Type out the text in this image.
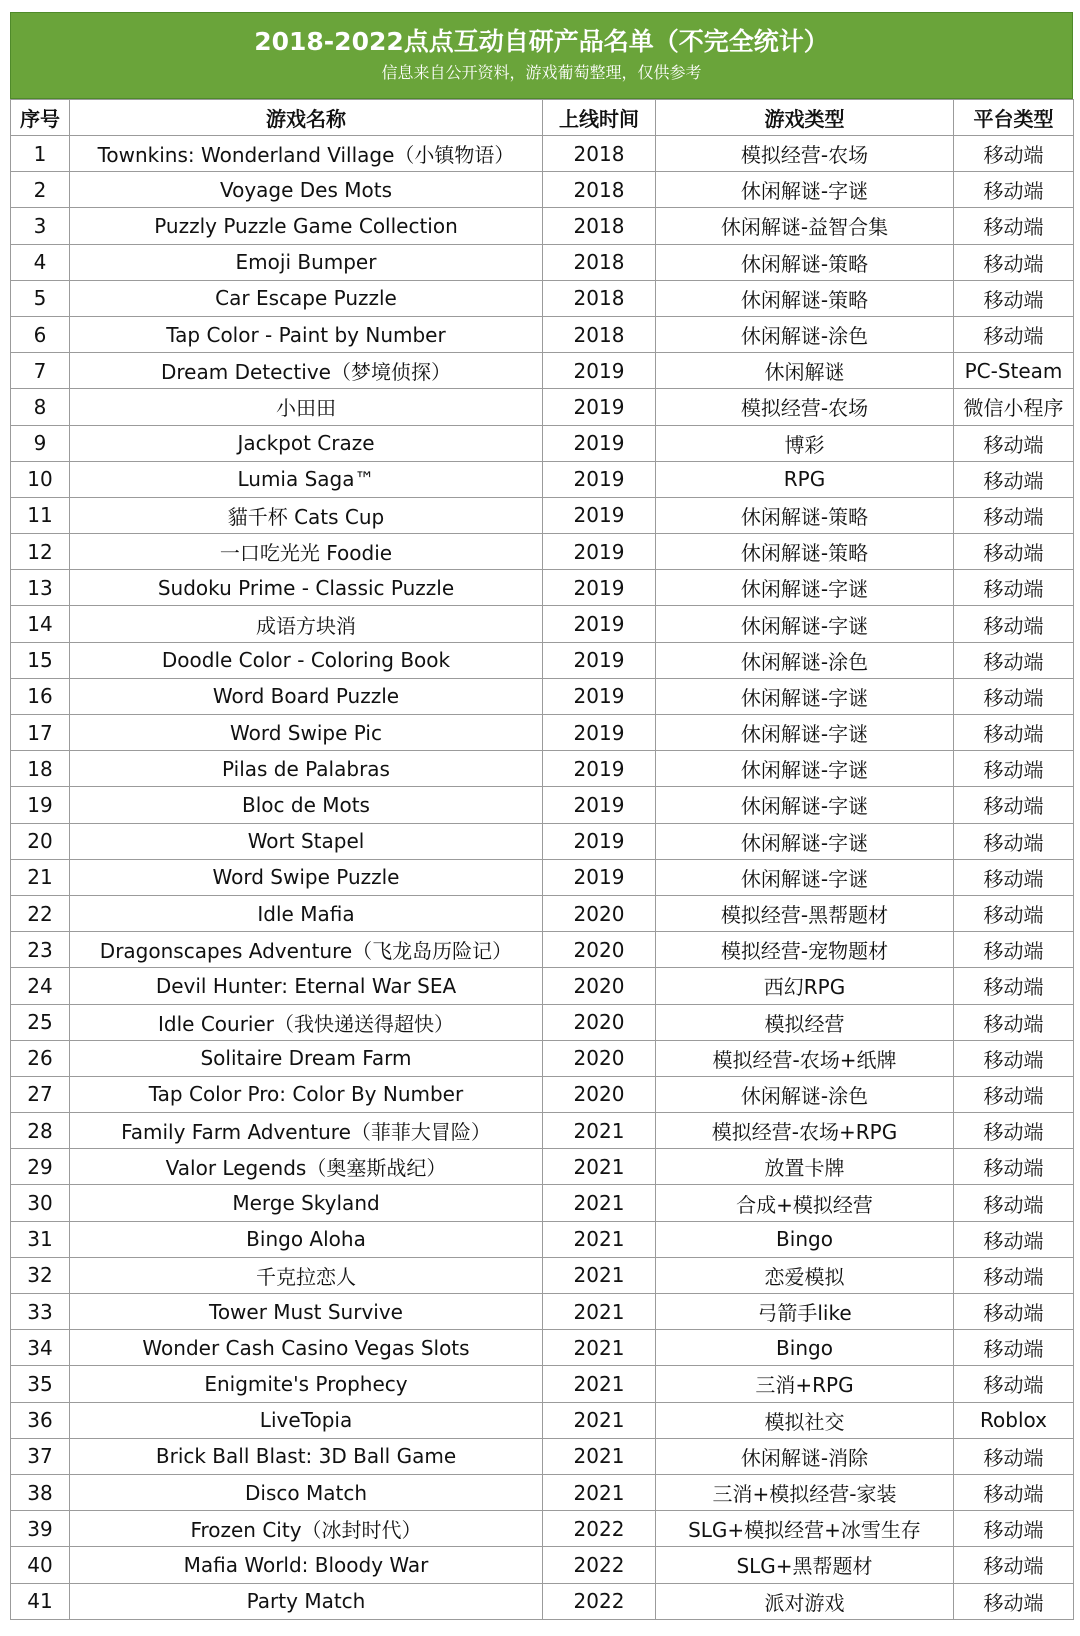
2018-2022点点互动自研产品名单（不完全统计）
信息来自公开资料，游戏葡萄整理，仅供参考
序号	游戏名称	上线时间	游戏类型	平台类型
1	Townkins: Wonderland Village（小镇物语）	2018	模拟经营-农场	移动端
2	Voyage Des Mots	2018	休闲解谜-字谜	移动端
3	Puzzly Puzzle Game Collection	2018	休闲解谜-益智合集	移动端
4	Emoji Bumper	2018	休闲解谜-策略	移动端
5	Car Escape Puzzle	2018	休闲解谜-策略	移动端
6	Tap Color - Paint by Number	2018	休闲解谜-涂色	移动端
7	Dream Detective（梦境侦探）	2019	休闲解谜	PC-Steam
8	小田田	2019	模拟经营-农场	微信小程序
9	Jackpot Craze	2019	博彩	移动端
10	Lumia Saga™	2019	RPG	移动端
11	貓千杯 Cats Cup	2019	休闲解谜-策略	移动端
12	一口吃光光 Foodie	2019	休闲解谜-策略	移动端
13	Sudoku Prime - Classic Puzzle	2019	休闲解谜-字谜	移动端
14	成语方块消	2019	休闲解谜-字谜	移动端
15	Doodle Color - Coloring Book	2019	休闲解谜-涂色	移动端
16	Word Board Puzzle	2019	休闲解谜-字谜	移动端
17	Word Swipe Pic	2019	休闲解谜-字谜	移动端
18	Pilas de Palabras	2019	休闲解谜-字谜	移动端
19	Bloc de Mots	2019	休闲解谜-字谜	移动端
20	Wort Stapel	2019	休闲解谜-字谜	移动端
21	Word Swipe Puzzle	2019	休闲解谜-字谜	移动端
22	Idle Mafia	2020	模拟经营-黑帮题材	移动端
23	Dragonscapes Adventure（飞龙岛历险记）	2020	模拟经营-宠物题材	移动端
24	Devil Hunter: Eternal War SEA	2020	西幻RPG	移动端
25	Idle Courier（我快递送得超快）	2020	模拟经营	移动端
26	Solitaire Dream Farm	2020	模拟经营-农场+纸牌	移动端
27	Tap Color Pro: Color By Number	2020	休闲解谜-涂色	移动端
28	Family Farm Adventure（菲菲大冒险）	2021	模拟经营-农场+RPG	移动端
29	Valor Legends（奥塞斯战纪）	2021	放置卡牌	移动端
30	Merge Skyland	2021	合成+模拟经营	移动端
31	Bingo Aloha	2021	Bingo	移动端
32	千克拉恋人	2021	恋爱模拟	移动端
33	Tower Must Survive	2021	弓箭手like	移动端
34	Wonder Cash Casino Vegas Slots	2021	Bingo	移动端
35	Enigmite's Prophecy	2021	三消+RPG	移动端
36	LiveTopia	2021	模拟社交	Roblox
37	Brick Ball Blast: 3D Ball Game	2021	休闲解谜-消除	移动端
38	Disco Match	2021	三消+模拟经营-家装	移动端
39	Frozen City（冰封时代）	2022	SLG+模拟经营+冰雪生存	移动端
40	Mafia World: Bloody War	2022	SLG+黑帮题材	移动端
41	Party Match	2022	派对游戏	移动端
